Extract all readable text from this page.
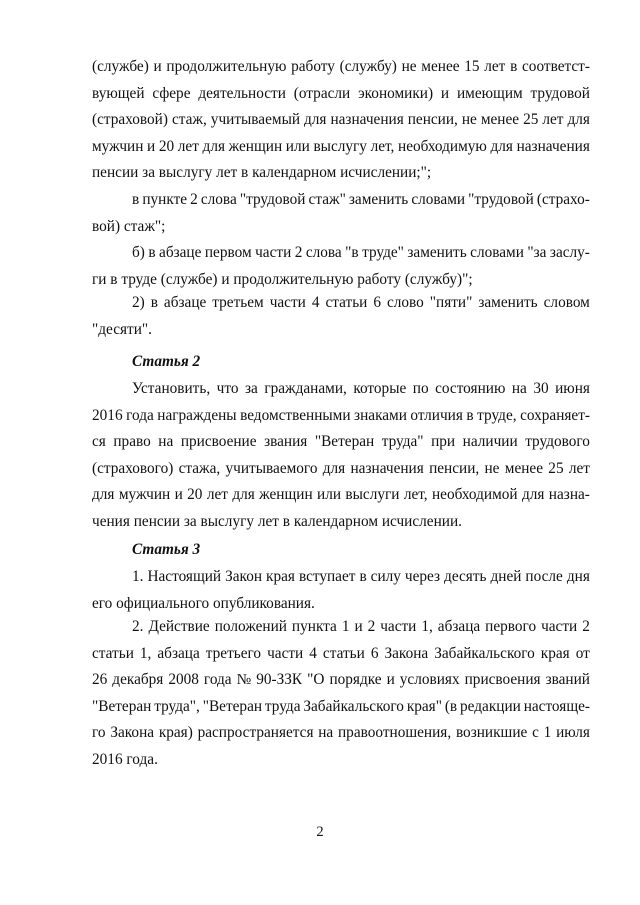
(службе) и продолжительную работу (службу) не менее 15 лет в соответст-
вующей сфере деятельности (отрасли экономики) и имеющим трудовой
(страховой) стаж, учитываемый для назначения пенсии, не менее 25 лет для
мужчин и 20 лет для женщин или выслугу лет, необходимую для назначения
пенсии за выслугу лет в календарном исчислении;";
в пункте 2 слова "трудовой стаж" заменить словами "трудовой (страхо-
вой) стаж";
б) в абзаце первом части 2 слова "в труде" заменить словами "за заслу-
ги в труде (службе) и продолжительную работу (службу)";
2) в абзаце третьем части 4 статьи 6 слово "пяти" заменить словом
"десяти".
Статья 2
Установить, что за гражданами, которые по состоянию на 30 июня
2016 года награждены ведомственными знаками отличия в труде, сохраняет-
ся право на присвоение звания "Ветеран труда" при наличии трудового
(страхового) стажа, учитываемого для назначения пенсии, не менее 25 лет
для мужчин и 20 лет для женщин или выслуги лет, необходимой для назна-
чения пенсии за выслугу лет в календарном исчислении.
Статья 3
1. Настоящий Закон края вступает в силу через десять дней после дня
его официального опубликования.
2. Действие положений пункта 1 и 2 части 1, абзаца первого части 2
статьи 1, абзаца третьего части 4 статьи 6 Закона Забайкальского края от
26 декабря 2008 года № 90-ЗЗК "О порядке и условиях присвоения званий
"Ветеран труда", "Ветеран труда Забайкальского края" (в редакции настояще-
го Закона края) распространяется на правоотношения, возникшие с 1 июля
2016 года.
2
